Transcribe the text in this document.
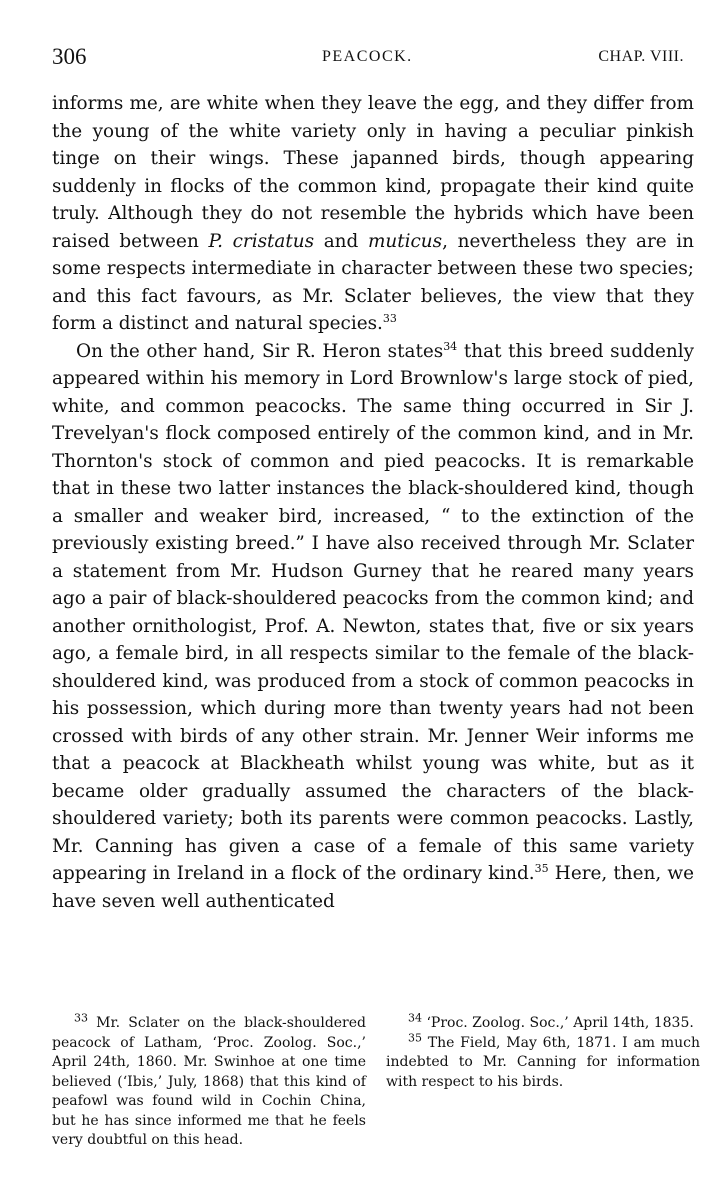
306	PEACOCK.	CHAP. VIII.

informs me, are white when they leave the egg, and they differ from the young of the white variety only in having a peculiar pinkish tinge on their wings. These japanned birds, though appearing suddenly in flocks of the common kind, propagate their kind quite truly. Although they do not resemble the hybrids which have been raised between P. cristatus and muticus, nevertheless they are in some respects intermediate in character between these two species; and this fact favours, as Mr. Sclater believes, the view that they form a distinct and natural species.$^{33}$

On the other hand, Sir R. Heron states$^{34}$ that this breed suddenly appeared within his memory in Lord Brownlow's large stock of pied, white, and common peacocks. The same thing occurred in Sir J. Trevelyan's flock composed entirely of the common kind, and in Mr. Thornton's stock of common and pied peacocks. It is remarkable that in these two latter instances the black-shouldered kind, though a smaller and weaker bird, increased, “ to the extinction of the previously existing breed.” I have also received through Mr. Sclater a statement from Mr. Hudson Gurney that he reared many years ago a pair of black-shouldered peacocks from the common kind; and another ornithologist, Prof. A. Newton, states that, five or six years ago, a female bird, in all respects similar to the female of the black-shouldered kind, was produced from a stock of common peacocks in his possession, which during more than twenty years had not been crossed with birds of any other strain. Mr. Jenner Weir informs me that a peacock at Blackheath whilst young was white, but as it became older gradually assumed the characters of the black-shouldered variety; both its parents were common peacocks. Lastly, Mr. Canning has given a case of a female of this same variety appearing in Ireland in a flock of the ordinary kind.$^{35}$ Here, then, we have seven well authenticated

$^{33}$ Mr. Sclater on the black-shouldered peacock of Latham, ‘Proc. Zoolog. Soc.,’ April 24th, 1860. Mr. Swinhoe at one time believed (‘Ibis,’ July, 1868) that this kind of peafowl was found wild in Cochin China, but he has since informed me that he feels very doubtful on this head.

$^{34}$ ‘Proc. Zoolog. Soc.,’ April 14th, 1835.

$^{35}$ The Field, May 6th, 1871. I am much indebted to Mr. Canning for information with respect to his birds.
